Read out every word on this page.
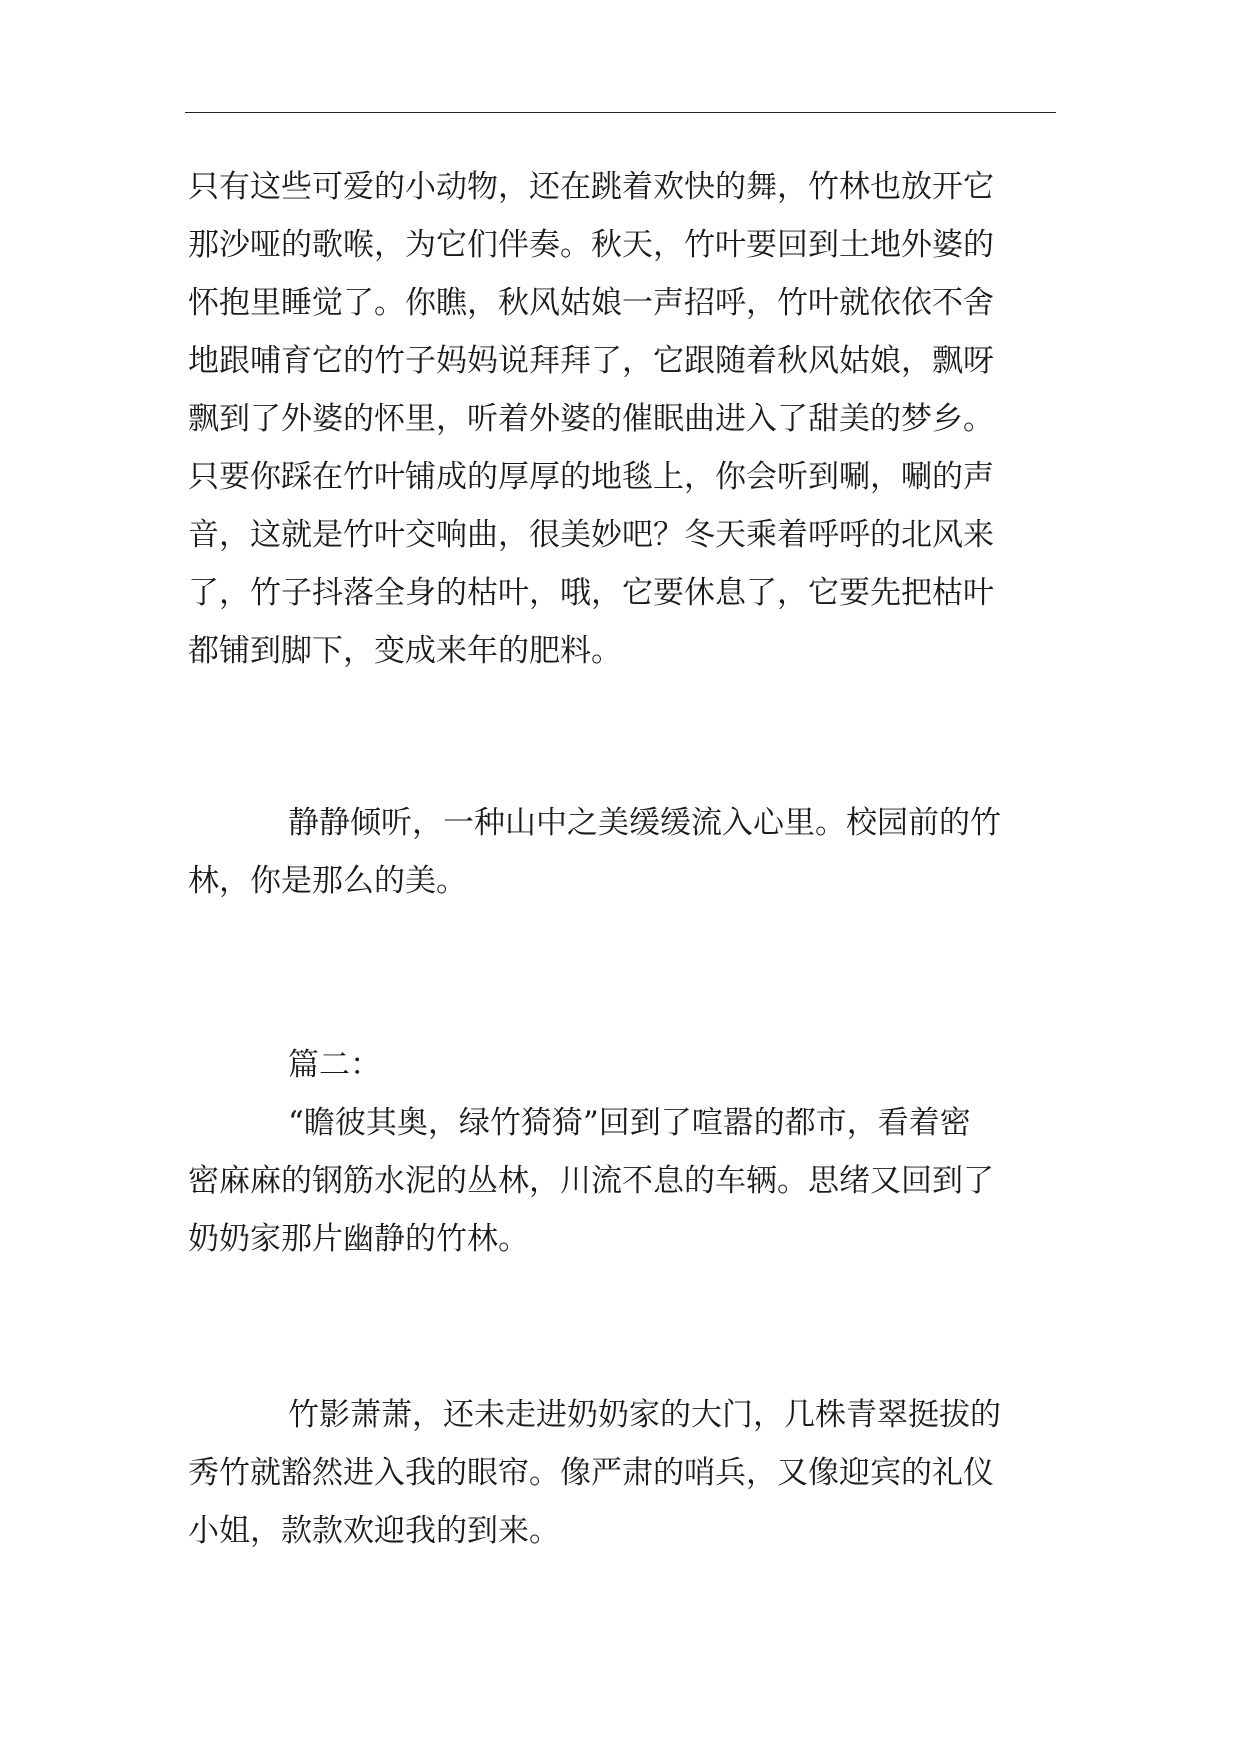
只有这些可爱的小动物，还在跳着欢快的舞，竹林也放开它
那沙哑的歌喉，为它们伴奏。秋天，竹叶要回到土地外婆的
怀抱里睡觉了。你瞧，秋风姑娘一声招呼，竹叶就依依不舍
地跟哺育它的竹子妈妈说拜拜了，它跟随着秋风姑娘，飘呀
飘到了外婆的怀里，听着外婆的催眠曲进入了甜美的梦乡。
只要你踩在竹叶铺成的厚厚的地毯上，你会听到唰，唰的声
音，这就是竹叶交响曲，很美妙吧？冬天乘着呼呼的北风来
了，竹子抖落全身的枯叶，哦，它要休息了，它要先把枯叶
都铺到脚下，变成来年的肥料。

静静倾听，一种山中之美缓缓流入心里。校园前的竹
林，你是那么的美。

篇二：
“瞻彼其奥，绿竹猗猗”回到了喧嚣的都市，看着密
密麻麻的钢筋水泥的丛林，川流不息的车辆。思绪又回到了
奶奶家那片幽静的竹林。

竹影萧萧，还未走进奶奶家的大门，几株青翠挺拔的
秀竹就豁然进入我的眼帘。像严肃的哨兵，又像迎宾的礼仪
小姐，款款欢迎我的到来。
